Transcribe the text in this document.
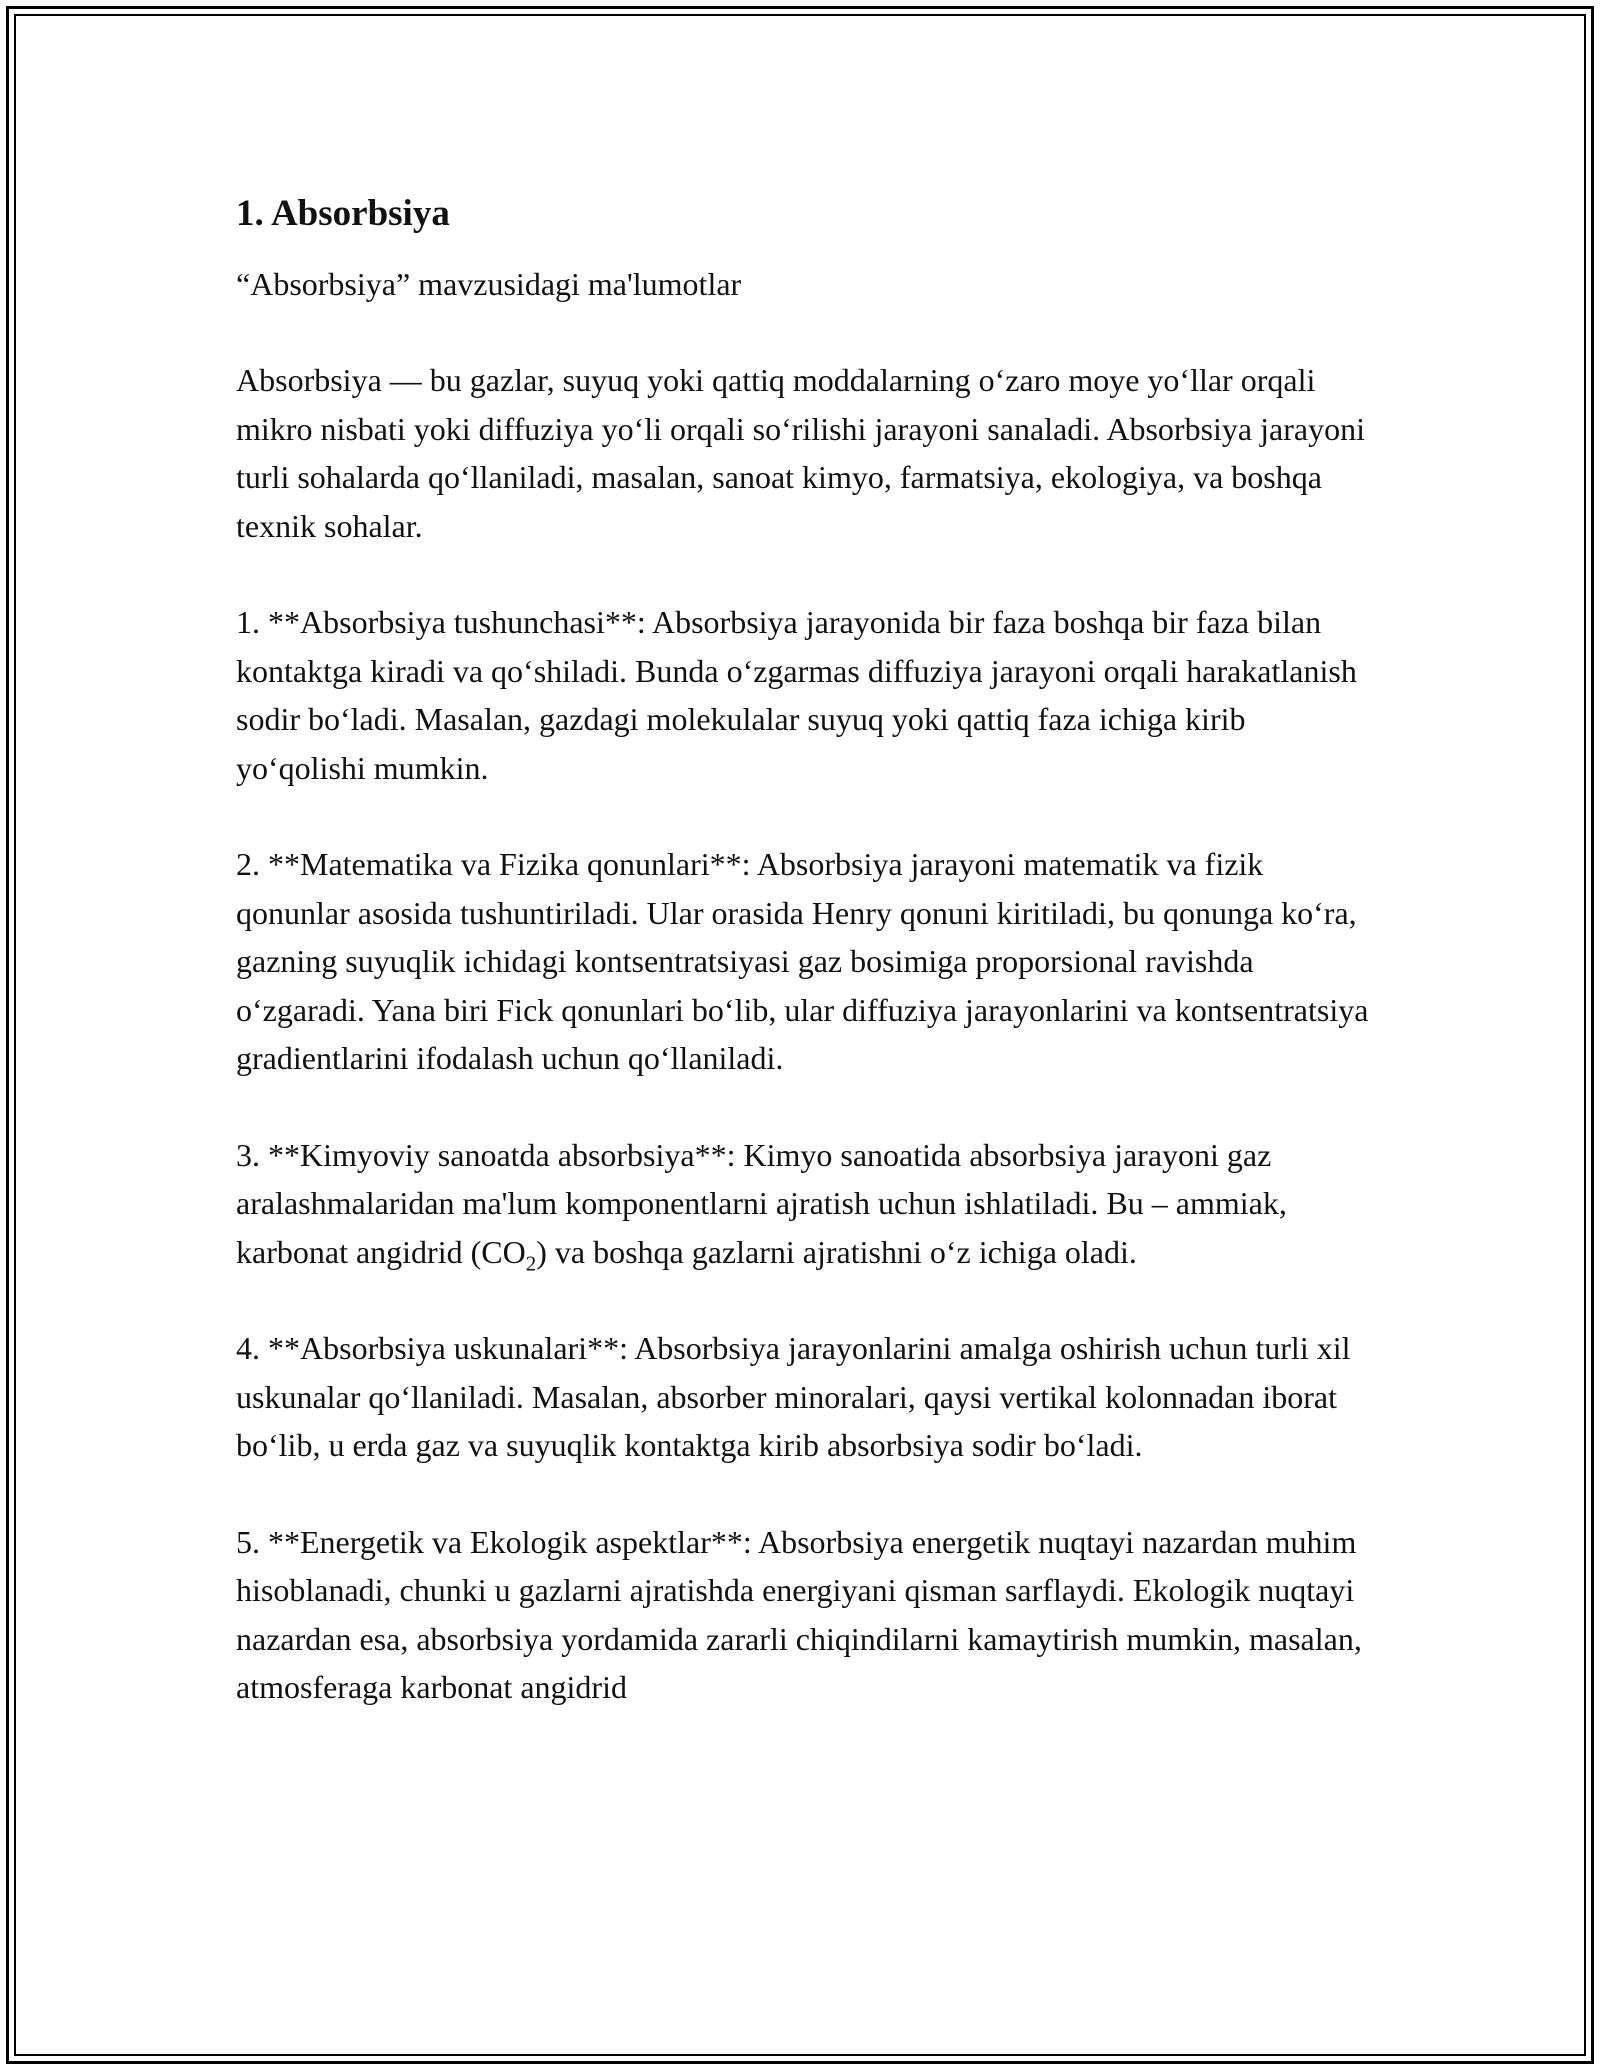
1. Absorbsiya

“Absorbsiya” mavzusidagi ma'lumotlar

Absorbsiya — bu gazlar, suyuq yoki qattiq moddalarning o‘zaro moye yo‘llar orqali mikro nisbati yoki diffuziya yo‘li orqali so‘rilishi jarayoni sanaladi. Absorbsiya jarayoni turli sohalarda qo‘llaniladi, masalan, sanoat kimyo, farmatsiya, ekologiya, va boshqa texnik sohalar.

1. **Absorbsiya tushunchasi**: Absorbsiya jarayonida bir faza boshqa bir faza bilan kontaktga kiradi va qo‘shiladi. Bunda o‘zgarmas diffuziya jarayoni orqali harakatlanish sodir bo‘ladi. Masalan, gazdagi molekulalar suyuq yoki qattiq faza ichiga kirib yo‘qolishi mumkin.

2. **Matematika va Fizika qonunlari**: Absorbsiya jarayoni matematik va fizik qonunlar asosida tushuntiriladi. Ular orasida Henry qonuni kiritiladi, bu qonunga ko‘ra, gazning suyuqlik ichidagi kontsentratsiyasi gaz bosimiga proporsional ravishda o‘zgaradi. Yana biri Fick qonunlari bo‘lib, ular diffuziya jarayonlarini va kontsentratsiya gradientlarini ifodalash uchun qo‘llaniladi.

3. **Kimyoviy sanoatda absorbsiya**: Kimyo sanoatida absorbsiya jarayoni gaz aralashmalaridan ma'lum komponentlarni ajratish uchun ishlatiladi. Bu – ammiak, karbonat angidrid $(CO_2)$ va boshqa gazlarni ajratishni o‘z ichiga oladi.

4. **Absorbsiya uskunalari**: Absorbsiya jarayonlarini amalga oshirish uchun turli xil uskunalar qo‘llaniladi. Masalan, absorber minoralari, qaysi vertikal kolonnadan iborat bo‘lib, u erda gaz va suyuqlik kontaktga kirib absorbsiya sodir bo‘ladi.

5. **Energetik va Ekologik aspektlar**: Absorbsiya energetik nuqtayi nazardan muhim hisoblanadi, chunki u gazlarni ajratishda energiyani qisman sarflaydi. Ekologik nuqtayi nazardan esa, absorbsiya yordamida zararli chiqindilarni kamaytirish mumkin, masalan, atmosferaga karbonat angidrid
